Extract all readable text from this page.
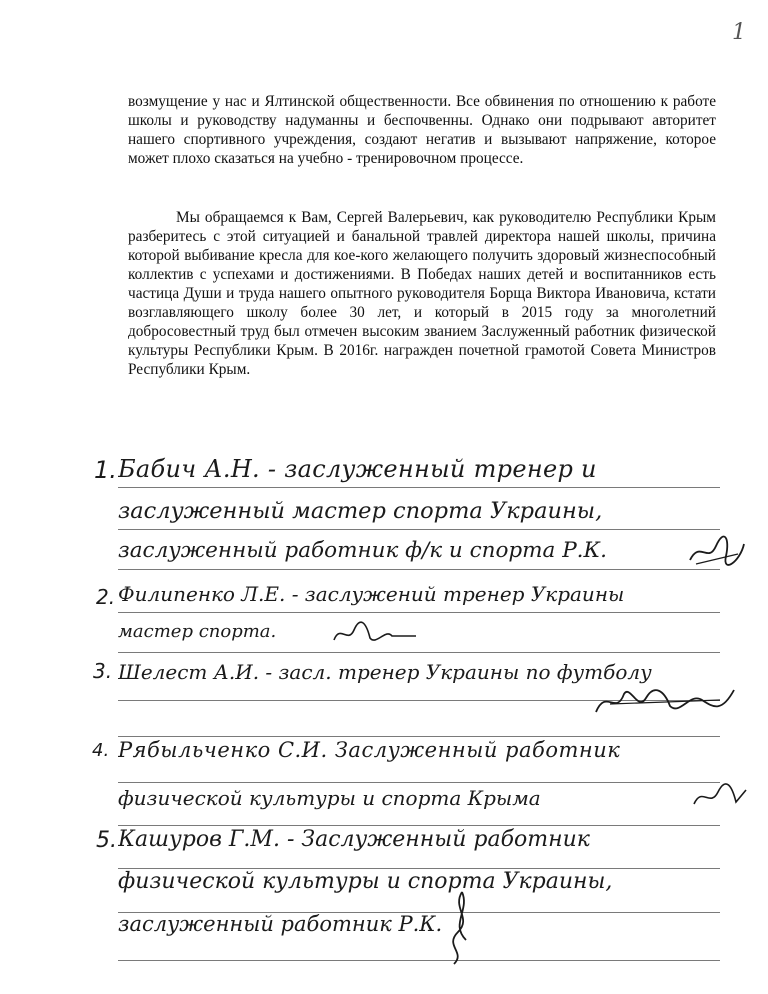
1

возмущение у нас и Ялтинской общественности. Все обвинения по отношению к работе школы и руководству надуманны и беспочвенны. Однако они подрывают авторитет нашего спортивного учреждения, создают негатив и вызывают напряжение, которое может плохо сказаться на учебно - тренировочном процессе.

Мы обращаемся к Вам, Сергей Валерьевич, как руководителю Республики Крым разберитесь с этой ситуацией и банальной травлей директора нашей школы, причина которой выбивание кресла для кое-кого желающего получить здоровый жизнеспособный коллектив с успехами и достижениями. В Победах наших детей и воспитанников есть частица Души и труда нашего опытного руководителя Борща Виктора Ивановича, кстати возглавляющего школу более 30 лет, и который в 2015 году за многолетний добросовестный труд был отмечен высоким званием Заслуженный работник физической культуры Республики Крым. В 2016г. награжден почетной грамотой Совета Министров Республики Крым.

1. Бабич А.Н. - заслуженный тренер и
заслуженный мастер спорта Украины,
заслуженный работник ф/к и спорта Р.К.
2. Филипенко Л.Е. - заслужений тренер Украины
мастер спорта.
3. Шелест А.И. - засл. тренер Украины по футболу
4. Рябыльченко С.И. Заслуженный работник
физической культуры и спорта Крыма
5. Кашуров Г.М. - Заслуженный работник
физической культуры и спорта Украины,
заслуженный работник Р.К.
